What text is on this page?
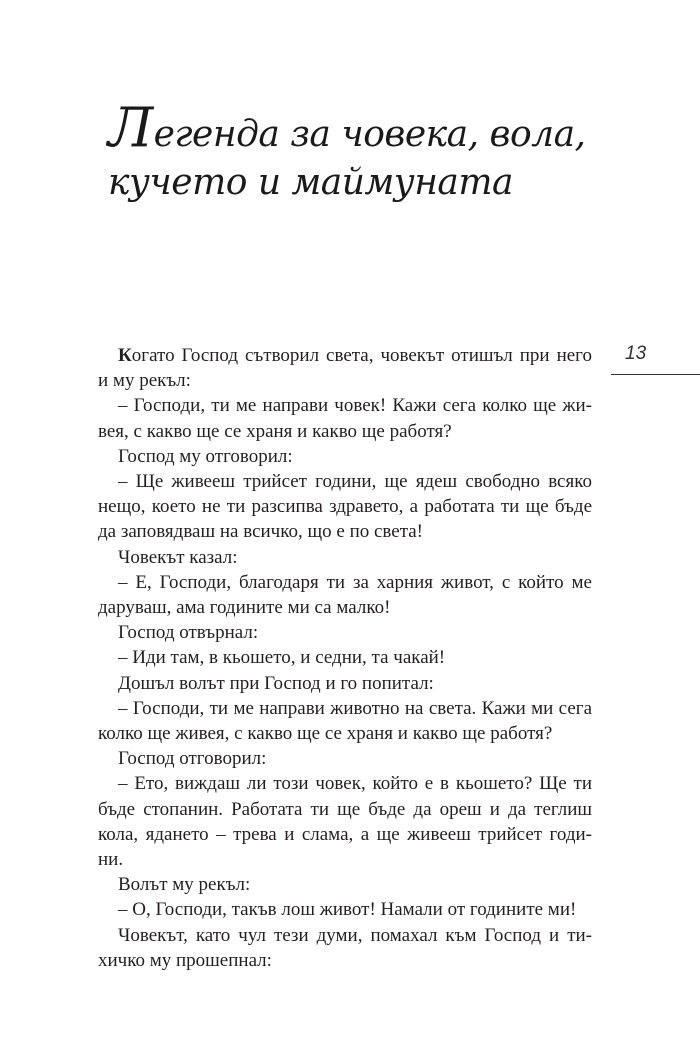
Легенда за човека, вола,
кучето и маймуната
13
Когато Господ сътворил света, човекът отишъл при него
и му рекъл:
– Господи, ти ме направи човек! Кажи сега колко ще жи-
вея, с какво ще се храня и какво ще работя?
Господ му отговорил:
– Ще живееш трийсет години, ще ядеш свободно всяко
нещо, което не ти разсипва здравето, а работата ти ще бъде
да заповядваш на всичко, що е по света!
Човекът казал:
– Е, Господи, благодаря ти за харния живот, с който ме
даруваш, ама годините ми са малко!
Господ отвърнал:
– Иди там, в кьошето, и седни, та чакай!
Дошъл волът при Господ и го попитал:
– Господи, ти ме направи животно на света. Кажи ми сега
колко ще живея, с какво ще се храня и какво ще работя?
Господ отговорил:
– Ето, виждаш ли този човек, който е в кьошето? Ще ти
бъде стопанин. Работата ти ще бъде да ореш и да теглиш
кола, ядането – трева и слама, а ще живееш трийсет годи-
ни.
Волът му рекъл:
– О, Господи, такъв лош живот! Намали от годините ми!
Човекът, като чул тези думи, помахал към Господ и ти-
хичко му прошепнал:
